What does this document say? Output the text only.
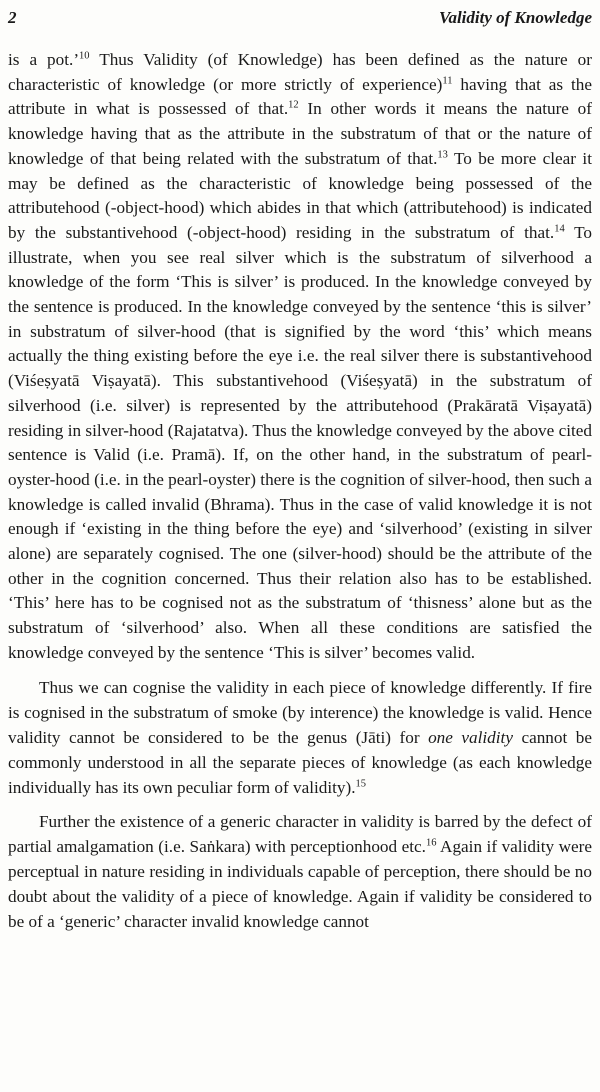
2	Validity of Knowledge

is a pot.’$^{10}$ Thus Validity (of Knowledge) has been defined as the nature or characteristic of knowledge (or more strictly of experience)$^{11}$ having that as the attribute in what is possessed of that.$^{12}$ In other words it means the nature of knowledge having that as the attribute in the substratum of that or the nature of knowledge of that being related with the substratum of that.$^{13}$ To be more clear it may be defined as the characteristic of knowledge being possessed of the attributehood (-object-hood) which abides in that which (attributehood) is indicated by the substantivehood (-object-hood) residing in the substratum of that.$^{14}$ To illustrate, when you see real silver which is the substratum of silverhood a knowledge of the form ‘This is silver’ is produced. In the knowledge conveyed by the sentence is produced. In the knowledge conveyed by the sentence ‘this is silver’ in substratum of silver-hood (that is signified by the word ‘this’ which means actually the thing existing before the eye i.e. the real silver there is substantivehood (Viśeṣyatā Viṣayatā). This substantivehood (Viśeṣyatā) in the substratum of silverhood (i.e. silver) is represented by the attributehood (Prakāratā Viṣayatā) residing in silver-hood (Rajatatva). Thus the knowledge conveyed by the above cited sentence is Valid (i.e. Pramā). If, on the other hand, in the substratum of pearl-oyster-hood (i.e. in the pearl-oyster) there is the cognition of silver-hood, then such a knowledge is called invalid (Bhrama). Thus in the case of valid knowledge it is not enough if ‘existing in the thing before the eye) and ‘silverhood’ (existing in silver alone) are separately cognised. The one (silver-hood) should be the attribute of the other in the cognition concerned. Thus their relation also has to be established. ‘This’ here has to be cognised not as the substratum of ‘thisness’ alone but as the substratum of ‘silverhood’ also. When all these conditions are satisfied the knowledge conveyed by the sentence ‘This is silver’ becomes valid.

Thus we can cognise the validity in each piece of knowledge differently. If fire is cognised in the substratum of smoke (by interence) the knowledge is valid. Hence validity cannot be considered to be the genus (Jāti) for one validity cannot be commonly understood in all the separate pieces of knowledge (as each knowledge individually has its own peculiar form of validity).$^{15}$

Further the existence of a generic character in validity is barred by the defect of partial amalgamation (i.e. Saṅkara) with perceptionhood etc.$^{16}$ Again if validity were perceptual in nature residing in individuals capable of perception, there should be no doubt about the validity of a piece of knowledge. Again if validity be considered to be of a ‘generic’ character invalid knowledge cannot
